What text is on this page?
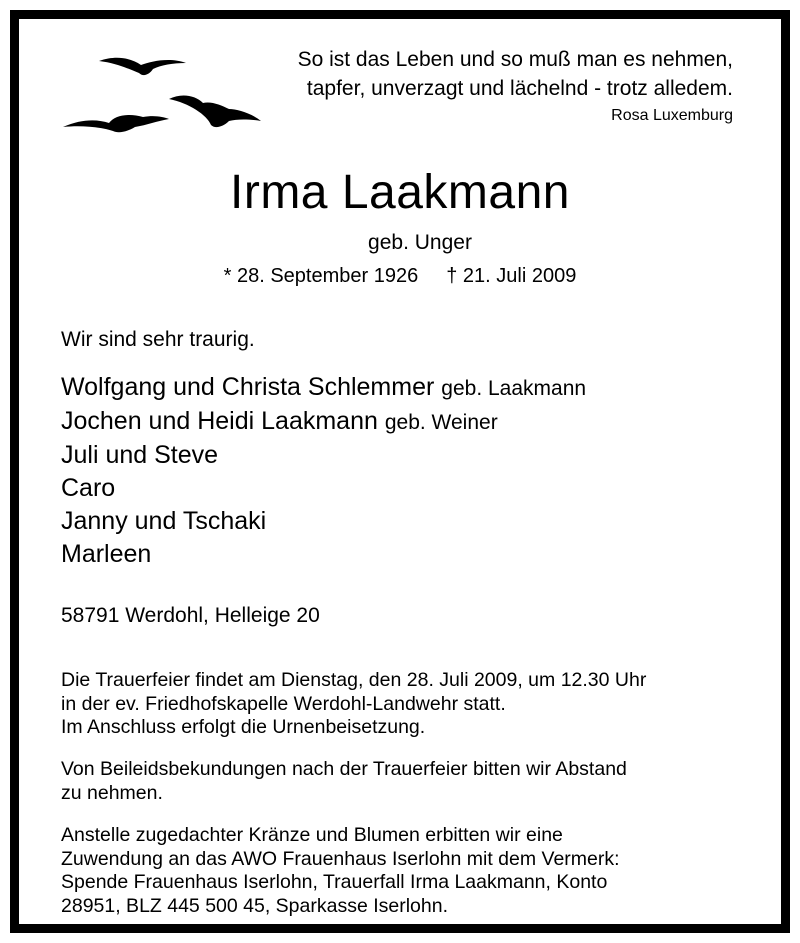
So ist das Leben und so muß man es nehmen,
tapfer, unverzagt und lächelnd - trotz alledem.
Rosa Luxemburg
Irma Laakmann
geb. Unger
* 28. September 1926 † 21. Juli 2009
Wir sind sehr traurig.
Wolfgang und Christa Schlemmer geb. Laakmann
Jochen und Heidi Laakmann geb. Weiner
Juli und Steve
Caro
Janny und Tschaki
Marleen
58791 Werdohl, Helleige 20
Die Trauerfeier findet am Dienstag, den 28. Juli 2009, um 12.30 Uhr
in der ev. Friedhofskapelle Werdohl-Landwehr statt.
Im Anschluss erfolgt die Urnenbeisetzung.
Von Beileidsbekundungen nach der Trauerfeier bitten wir Abstand
zu nehmen.
Anstelle zugedachter Kränze und Blumen erbitten wir eine
Zuwendung an das AWO Frauenhaus Iserlohn mit dem Vermerk:
Spende Frauenhaus Iserlohn, Trauerfall Irma Laakmann, Konto
28951, BLZ 445 500 45, Sparkasse Iserlohn.
